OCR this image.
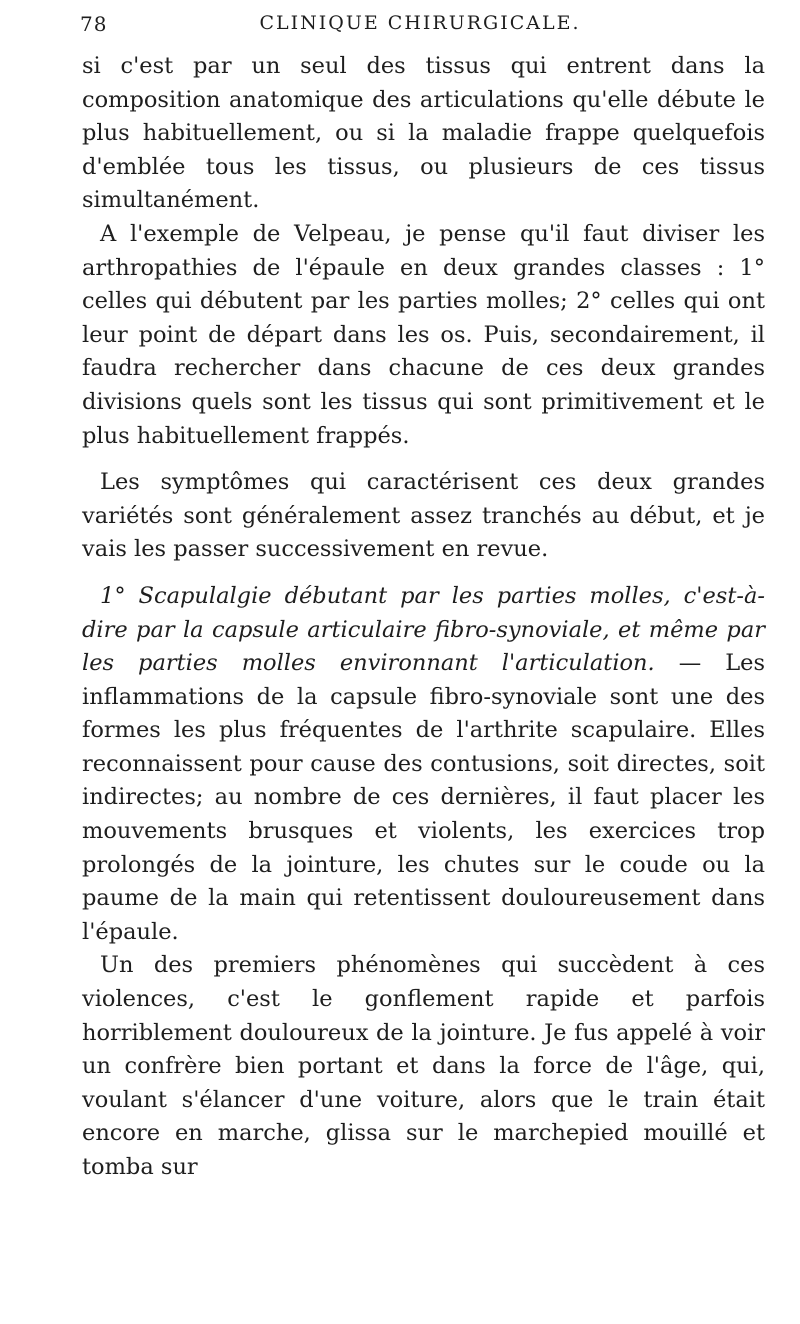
78	CLINIQUE CHIRURGICALE.

si c'est par un seul des tissus qui entrent dans la composition anatomique des articulations qu'elle débute le plus habituellement, ou si la maladie frappe quelquefois d'emblée tous les tissus, ou plusieurs de ces tissus simultanément.

A l'exemple de Velpeau, je pense qu'il faut diviser les arthropathies de l'épaule en deux grandes classes : 1° celles qui débutent par les parties molles; 2° celles qui ont leur point de départ dans les os. Puis, secondairement, il faudra rechercher dans chacune de ces deux grandes divisions quels sont les tissus qui sont primitivement et le plus habituellement frappés.

Les symptômes qui caractérisent ces deux grandes variétés sont généralement assez tranchés au début, et je vais les passer successivement en revue.

1° Scapulalgie débutant par les parties molles, c'est-à-dire par la capsule articulaire fibro-synoviale, et même par les parties molles environnant l'articulation. — Les inflammations de la capsule fibro-synoviale sont une des formes les plus fréquentes de l'arthrite scapulaire. Elles reconnaissent pour cause des contusions, soit directes, soit indirectes; au nombre de ces dernières, il faut placer les mouvements brusques et violents, les exercices trop prolongés de la jointure, les chutes sur le coude ou la paume de la main qui retentissent douloureusement dans l'épaule.

Un des premiers phénomènes qui succèdent à ces violences, c'est le gonflement rapide et parfois horriblement douloureux de la jointure. Je fus appelé à voir un confrère bien portant et dans la force de l'âge, qui, voulant s'élancer d'une voiture, alors que le train était encore en marche, glissa sur le marchepied mouillé et tomba sur
